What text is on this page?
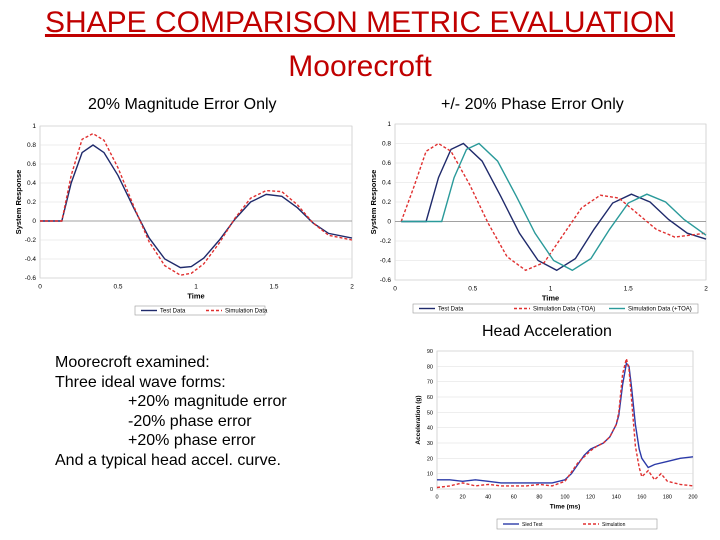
SHAPE COMPARISON METRIC EVALUATION
Moorecroft
20% Magnitude Error Only	+/- 20% Phase Error Only
Head Acceleration
1
0.8
0.6
0.4
0.2
0
-0.2
-0.4
-0.6
0	0.5	1	1.5	2
Time
System Response
Test Data	Simulation Data
1
0.8
0.6
0.4
0.2
0
-0.2
-0.4
-0.6
0	0.5	1	1.5	2
Time
System Response
Test Data	Simulation Data (-TOA)	Simulation Data (+TOA)
90
80
70
60
50
40
30
20
10
0
0	20	40	60	80	100	120	140	160	180	200
Time (ms)
Acceleration (g)
Sled Test	Simulation
Moorecroft examined:
Three ideal wave forms:
+20% magnitude error
-20% phase error
+20% phase error
And a typical head accel. curve.
